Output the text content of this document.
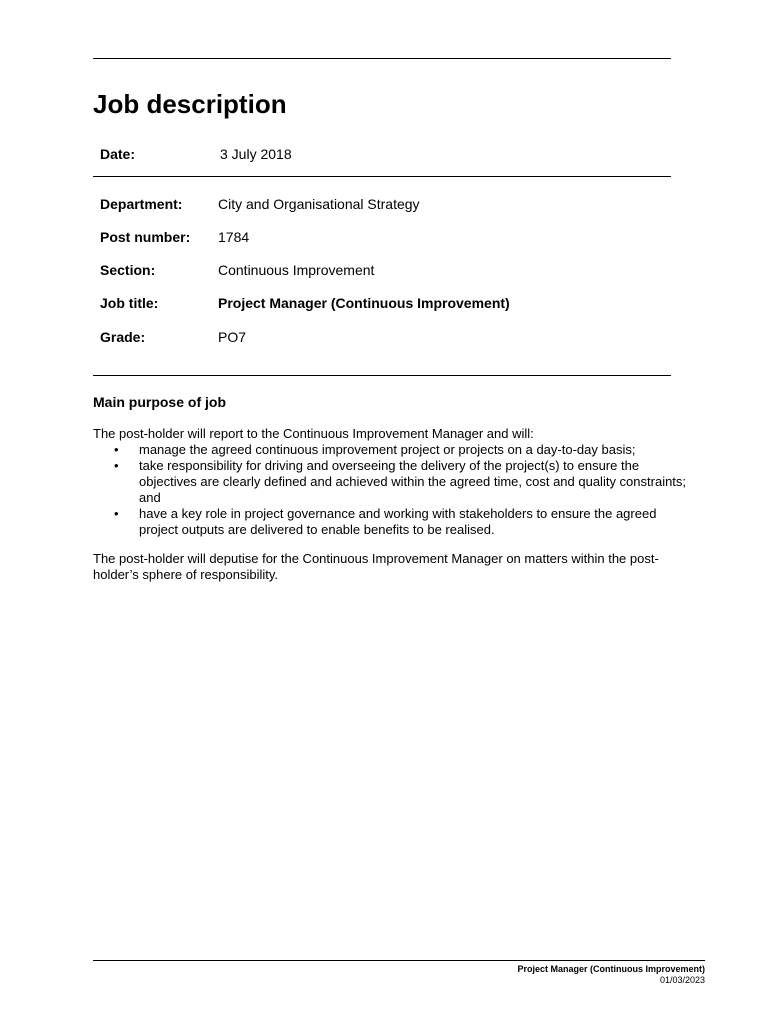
Job description
Date:	3 July 2018
Department:	City and Organisational Strategy
Post number: 1784
Section:	Continuous Improvement
Job title:	Project Manager (Continuous Improvement)
Grade:	PO7
Main purpose of job

The post-holder will report to the Continuous Improvement Manager and will:

• manage the agreed continuous improvement project or projects on a day-to-day basis;
• take responsibility for driving and overseeing the delivery of the project(s) to ensure the objectives are clearly defined and achieved within the agreed time, cost and quality constraints; and
• have a key role in project governance and working with stakeholders to ensure the agreed project outputs are delivered to enable benefits to be realised.

The post-holder will deputise for the Continuous Improvement Manager on matters within the post-holder’s sphere of responsibility.

Project Manager (Continuous Improvement)
01/03/2023
